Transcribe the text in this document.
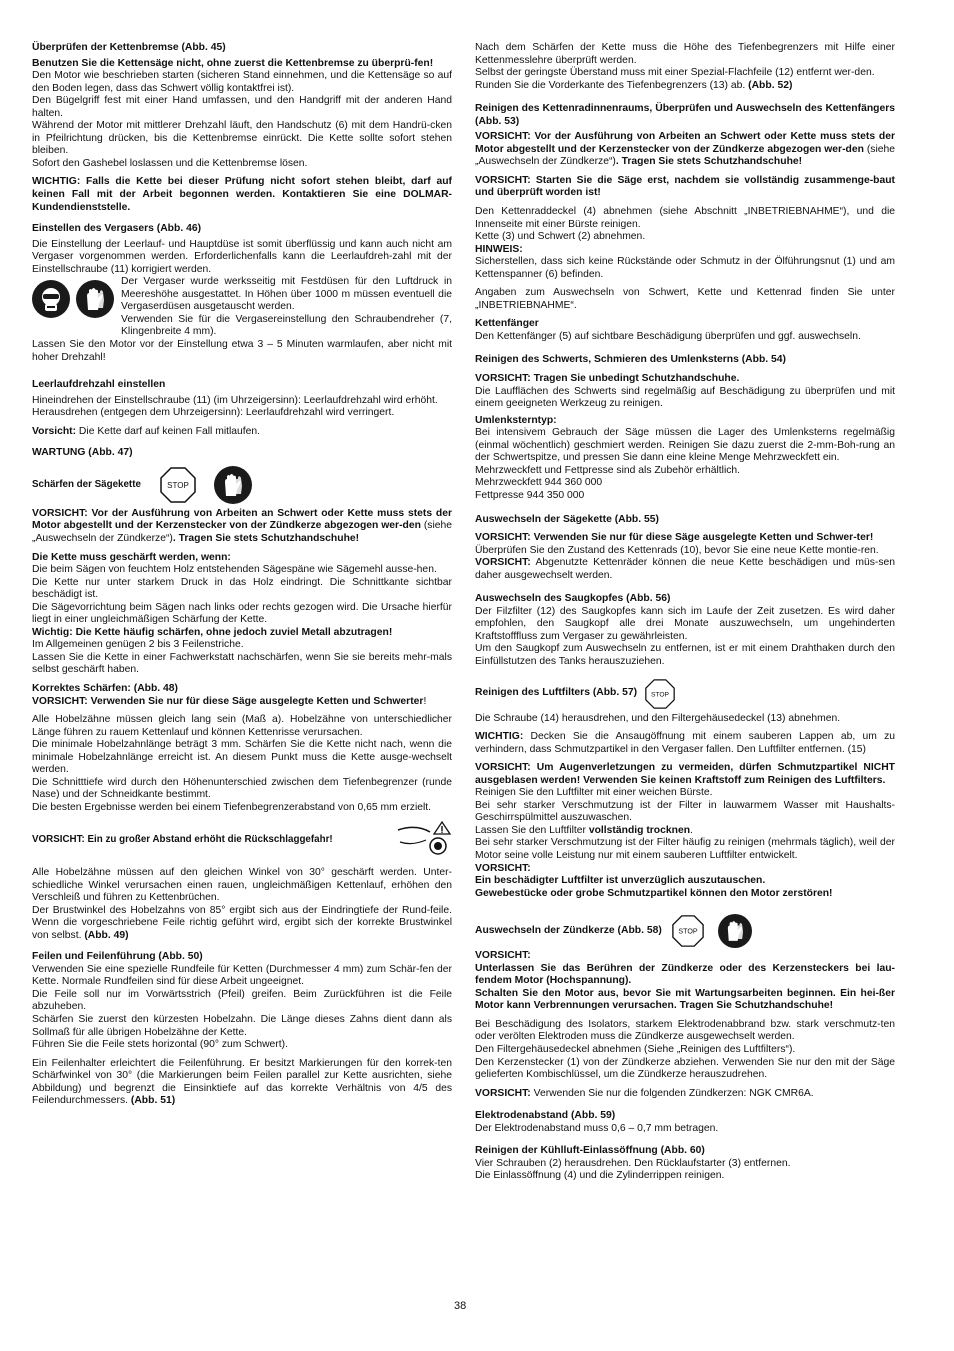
Überprüfen der Kettenbremse (Abb. 45)

Benutzen Sie die Kettensäge nicht, ohne zuerst die Kettenbremse zu überprü-fen!

Den Motor wie beschrieben starten (sicheren Stand einnehmen, und die Kettensäge so auf den Boden legen, dass das Schwert völlig kontaktfrei ist).

Den Bügelgriff fest mit einer Hand umfassen, und den Handgriff mit der anderen Hand halten.

Während der Motor mit mittlerer Drehzahl läuft, den Handschutz (6) mit dem Handrü-cken in Pfeilrichtung drücken, bis die Kettenbremse einrückt. Die Kette sollte sofort stehen bleiben.

Sofort den Gashebel loslassen und die Kettenbremse lösen.

WICHTIG: Falls die Kette bei dieser Prüfung nicht sofort stehen bleibt, darf auf keinen Fall mit der Arbeit begonnen werden. Kontaktieren Sie eine DOLMAR-Kundendienststelle.

Einstellen des Vergasers (Abb. 46)

Die Einstellung der Leerlauf- und Hauptdüse ist somit überflüssig und kann auch nicht am Vergaser vorgenommen werden. Erforderlichenfalls kann die Leerlaufdreh-zahl mit der Einstellschraube (11) korrigiert werden.

Der Vergaser wurde werksseitig mit Festdüsen für den Luftdruck in Meereshöhe ausgestattet. In Höhen über 1000 m müssen eventuell die Vergaserdüsen ausgetauscht werden.

Verwenden Sie für die Vergasereinstellung den Schraubendreher (7, Klingenbreite 4 mm).

Lassen Sie den Motor vor der Einstellung etwa 3 – 5 Minuten warmlaufen, aber nicht mit hoher Drehzahl!

Leerlaufdrehzahl einstellen

Hineindrehen der Einstellschraube (11) (im Uhrzeigersinn): Leerlaufdrehzahl wird erhöht.

Herausdrehen (entgegen dem Uhrzeigersinn): Leerlaufdrehzahl wird verringert.

Vorsicht: Die Kette darf auf keinen Fall mitlaufen.

WARTUNG (Abb. 47)

Schärfen der Sägekette	STOP

VORSICHT: Vor der Ausführung von Arbeiten an Schwert oder Kette muss stets der Motor abgestellt und der Kerzenstecker von der Zündkerze abgezogen wer-den (siehe „Auswechseln der Zündkerze“). Tragen Sie stets Schutzhandschuhe!

Die Kette muss geschärft werden, wenn:

Die beim Sägen von feuchtem Holz entstehenden Sägespäne wie Sägemehl ausse-hen.

Die Kette nur unter starkem Druck in das Holz eindringt. Die Schnittkante sichtbar beschädigt ist.

Die Sägevorrichtung beim Sägen nach links oder rechts gezogen wird. Die Ursache hierfür liegt in einer ungleichmäßigen Schärfung der Kette.

Wichtig: Die Kette häufig schärfen, ohne jedoch zuviel Metall abzutragen!

Im Allgemeinen genügen 2 bis 3 Feilenstriche.

Lassen Sie die Kette in einer Fachwerkstatt nachschärfen, wenn Sie sie bereits mehr-mals selbst geschärft haben.

Korrektes Schärfen: (Abb. 48)

VORSICHT: Verwenden Sie nur für diese Säge ausgelegte Ketten und Schwerter!

Alle Hobelzähne müssen gleich lang sein (Maß a). Hobelzähne von unterschiedlicher Länge führen zu rauem Kettenlauf und können Kettenrisse verursachen.

Die minimale Hobelzahnlänge beträgt 3 mm. Schärfen Sie die Kette nicht nach, wenn die minimale Hobelzahnlänge erreicht ist. An diesem Punkt muss die Kette ausge-wechselt werden.

Die Schnitttiefe wird durch den Höhenunterschied zwischen dem Tiefenbegrenzer (runde Nase) und der Schneidkante bestimmt.

Die besten Ergebnisse werden bei einem Tiefenbegrenzerabstand von 0,65 mm erzielt.

VORSICHT: Ein zu großer Abstand erhöht die Rückschlaggefahr!

Alle Hobelzähne müssen auf den gleichen Winkel von 30° geschärft werden. Unter-schiedliche Winkel verursachen einen rauen, ungleichmäßigen Kettenlauf, erhöhen den Verschleiß und führen zu Kettenbrüchen.

Der Brustwinkel des Hobelzahns von 85° ergibt sich aus der Eindringtiefe der Rund-feile. Wenn die vorgeschriebene Feile richtig geführt wird, ergibt sich der korrekte Brustwinkel von selbst. (Abb. 49)

Feilen und Feilenführung (Abb. 50)

Verwenden Sie eine spezielle Rundfeile für Ketten (Durchmesser 4 mm) zum Schär-fen der Kette. Normale Rundfeilen sind für diese Arbeit ungeeignet.

Die Feile soll nur im Vorwärtsstrich (Pfeil) greifen. Beim Zurückführen ist die Feile abzuheben.

Schärfen Sie zuerst den kürzesten Hobelzahn. Die Länge dieses Zahns dient dann als Sollmaß für alle übrigen Hobelzähne der Kette.

Führen Sie die Feile stets horizontal (90° zum Schwert).

Ein Feilenhalter erleichtert die Feilenführung. Er besitzt Markierungen für den korrek-ten Schärfwinkel von 30° (die Markierungen beim Feilen parallel zur Kette ausrichten, siehe Abbildung) und begrenzt die Einsinktiefe auf das korrekte Verhältnis von 4/5 des Feilendurchmessers. (Abb. 51)

Nach dem Schärfen der Kette muss die Höhe des Tiefenbegrenzers mit Hilfe einer Kettenmesslehre überprüft werden.

Selbst der geringste Überstand muss mit einer Spezial-Flachfeile (12) entfernt wer-den.

Runden Sie die Vorderkante des Tiefenbegrenzers (13) ab. (Abb. 52)

Reinigen des Kettenradinnenraums, Überprüfen und Auswechseln des Kettenfängers (Abb. 53)

VORSICHT: Vor der Ausführung von Arbeiten an Schwert oder Kette muss stets der Motor abgestellt und der Kerzenstecker von der Zündkerze abgezogen wer-den (siehe „Auswechseln der Zündkerze“). Tragen Sie stets Schutzhandschuhe!

VORSICHT: Starten Sie die Säge erst, nachdem sie vollständig zusammenge-baut und überprüft worden ist!

Den Kettenraddeckel (4) abnehmen (siehe Abschnitt „INBETRIEBNAHME“), und die Innenseite mit einer Bürste reinigen.

Kette (3) und Schwert (2) abnehmen.

HINWEIS:

Sicherstellen, dass sich keine Rückstände oder Schmutz in der Ölführungsnut (1) und am Kettenspanner (6) befinden.

Angaben zum Auswechseln von Schwert, Kette und Kettenrad finden Sie unter „INBETRIEBNAHME“.

Kettenfänger

Den Kettenfänger (5) auf sichtbare Beschädigung überprüfen und ggf. auswechseln.

Reinigen des Schwerts, Schmieren des Umlenksterns (Abb. 54)

VORSICHT: Tragen Sie unbedingt Schutzhandschuhe.

Die Laufflächen des Schwerts sind regelmäßig auf Beschädigung zu überprüfen und mit einem geeigneten Werkzeug zu reinigen.

Umlenksterntyp:

Bei intensivem Gebrauch der Säge müssen die Lager des Umlenksterns regelmäßig (einmal wöchentlich) geschmiert werden. Reinigen Sie dazu zuerst die 2-mm-Boh-rung an der Schwertspitze, und pressen Sie dann eine kleine Menge Mehrzweckfett ein.

Mehrzweckfett und Fettpresse sind als Zubehör erhältlich.

Mehrzweckfett 944 360 000

Fettpresse 944 350 000

Auswechseln der Sägekette (Abb. 55)

VORSICHT: Verwenden Sie nur für diese Säge ausgelegte Ketten und Schwer-ter!

Überprüfen Sie den Zustand des Kettenrads (10), bevor Sie eine neue Kette montie-ren.

VORSICHT: Abgenutzte Kettenräder können die neue Kette beschädigen und müs-sen daher ausgewechselt werden.

Auswechseln des Saugkopfes (Abb. 56)

Der Filzfilter (12) des Saugkopfes kann sich im Laufe der Zeit zusetzen. Es wird daher empfohlen, den Saugkopf alle drei Monate auszuwechseln, um ungehinderten Kraftstofffluss zum Vergaser zu gewährleisten.

Um den Saugkopf zum Auswechseln zu entfernen, ist er mit einem Drahthaken durch den Einfüllstutzen des Tanks herauszuziehen.

Reinigen des Luftfilters (Abb. 57) STOP

Die Schraube (14) herausdrehen, und den Filtergehäusedeckel (13) abnehmen.

WICHTIG: Decken Sie die Ansaugöffnung mit einem sauberen Lappen ab, um zu verhindern, dass Schmutzpartikel in den Vergaser fallen. Den Luftfilter entfernen. (15)

VORSICHT: Um Augenverletzungen zu vermeiden, dürfen Schmutzpartikel NICHT ausgeblasen werden! Verwenden Sie keinen Kraftstoff zum Reinigen des Luftfilters.

Reinigen Sie den Luftfilter mit einer weichen Bürste.

Bei sehr starker Verschmutzung ist der Filter in lauwarmem Wasser mit Haushalts-Geschirrspülmittel auszuwaschen.

Lassen Sie den Luftfilter vollständig trocknen.

Bei sehr starker Verschmutzung ist der Filter häufig zu reinigen (mehrmals täglich), weil der Motor seine volle Leistung nur mit einem sauberen Luftfilter entwickelt.

VORSICHT:

Ein beschädigter Luftfilter ist unverzüglich auszutauschen.

Gewebestücke oder grobe Schmutzpartikel können den Motor zerstören!

Auswechseln der Zündkerze (Abb. 58) STOP

VORSICHT:

Unterlassen Sie das Berühren der Zündkerze oder des Kerzensteckers bei lau-fendem Motor (Hochspannung).

Schalten Sie den Motor aus, bevor Sie mit Wartungsarbeiten beginnen. Ein hei-ßer Motor kann Verbrennungen verursachen. Tragen Sie Schutzhandschuhe!

Bei Beschädigung des Isolators, starkem Elektrodenabbrand bzw. stark verschmutz-ten oder verölten Elektroden muss die Zündkerze ausgewechselt werden.

Den Filtergehäusedeckel abnehmen (Siehe „Reinigen des Luftfilters“).

Den Kerzenstecker (1) von der Zündkerze abziehen. Verwenden Sie nur den mit der Säge gelieferten Kombischlüssel, um die Zündkerze herauszudrehen.

VORSICHT: Verwenden Sie nur die folgenden Zündkerzen: NGK CMR6A.

Elektrodenabstand (Abb. 59)

Der Elektrodenabstand muss 0,6 – 0,7 mm betragen.

Reinigen der Kühlluft-Einlassöffnung (Abb. 60)

Vier Schrauben (2) herausdrehen. Den Rücklaufstarter (3) entfernen.

Die Einlassöffnung (4) und die Zylinderrippen reinigen.

38
